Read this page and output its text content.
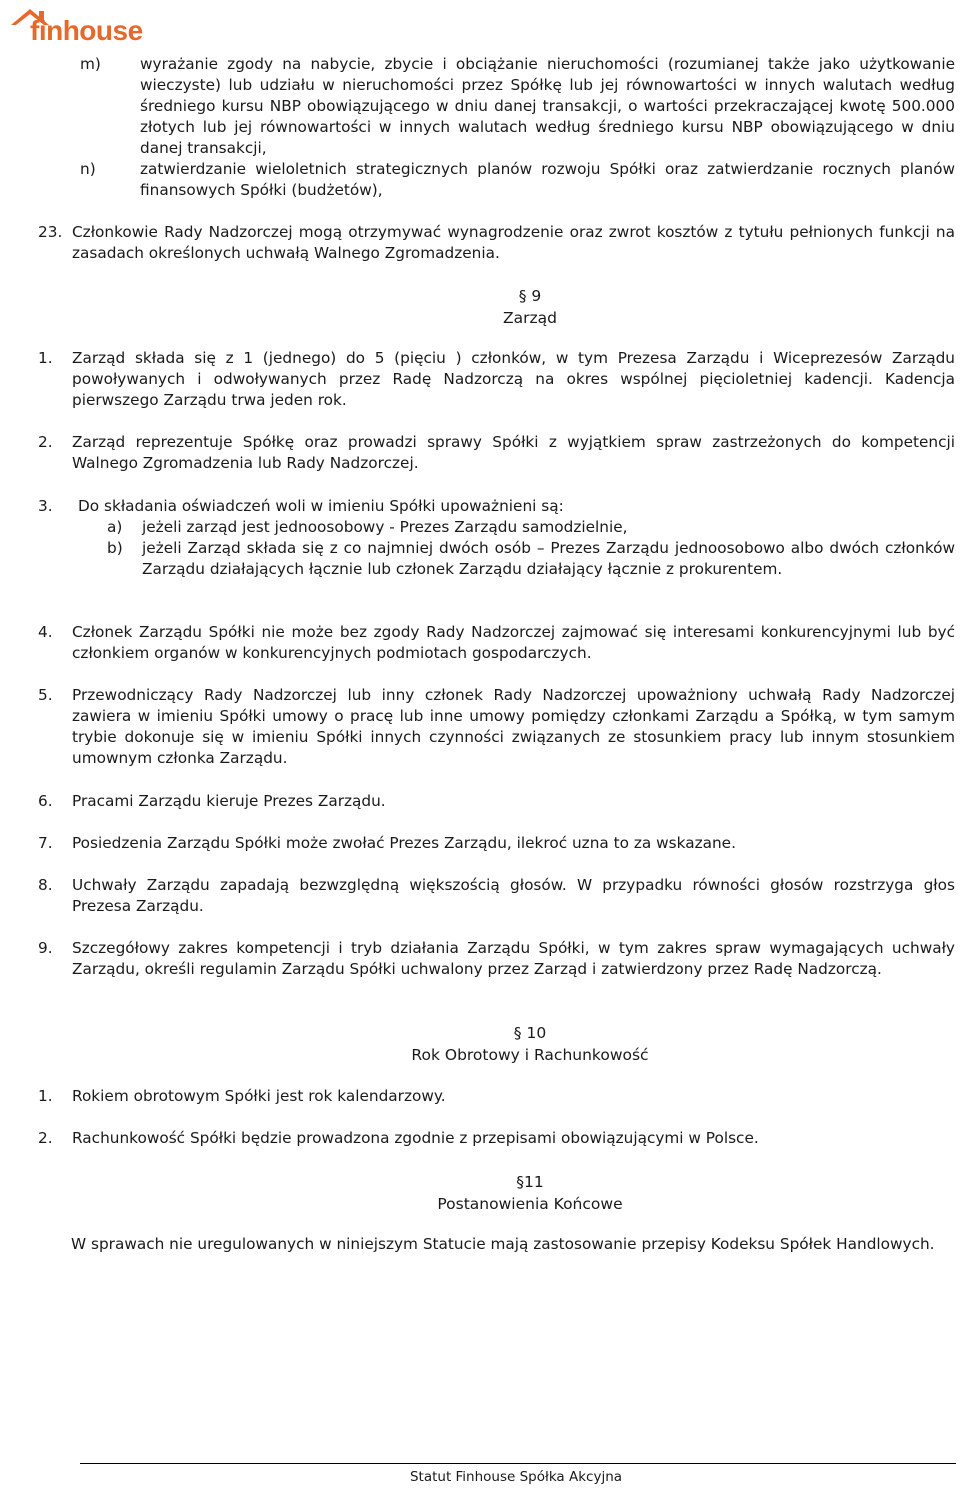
finhouse

m)	wyrażanie zgody na nabycie, zbycie i obciążanie nieruchomości (rozumianej także jako użytkowanie wieczyste) lub udziału w nieruchomości przez Spółkę lub jej równowartości w innych walutach według średniego kursu NBP obowiązującego w dniu danej transakcji, o wartości przekraczającej kwotę 500.000 złotych lub jej równowartości w innych walutach według średniego kursu NBP obowiązującego w dniu danej transakcji,

n)	zatwierdzanie wieloletnich strategicznych planów rozwoju Spółki oraz zatwierdzanie rocznych planów finansowych Spółki (budżetów),

23. Członkowie Rady Nadzorczej mogą otrzymywać wynagrodzenie oraz zwrot kosztów z tytułu pełnionych funkcji na zasadach określonych uchwałą Walnego Zgromadzenia.

§ 9
Zarząd

1. Zarząd składa się z 1 (jednego) do 5 (pięciu ) członków, w tym Prezesa Zarządu i Wiceprezesów Zarządu powoływanych i odwoływanych przez Radę Nadzorczą na okres wspólnej pięcioletniej kadencji. Kadencja pierwszego Zarządu trwa jeden rok.

2. Zarząd reprezentuje Spółkę oraz prowadzi sprawy Spółki z wyjątkiem spraw zastrzeżonych do kompetencji Walnego Zgromadzenia lub Rady Nadzorczej.

3. Do składania oświadczeń woli w imieniu Spółki upoważnieni są:

a) jeżeli zarząd jest jednoosobowy - Prezes Zarządu samodzielnie,

b) jeżeli Zarząd składa się z co najmniej dwóch osób – Prezes Zarządu jednoosobowo albo dwóch członków Zarządu działających łącznie lub członek Zarządu działający łącznie z prokurentem.

4. Członek Zarządu Spółki nie może bez zgody Rady Nadzorczej zajmować się interesami konkurencyjnymi lub być członkiem organów w konkurencyjnych podmiotach gospodarczych.

5. Przewodniczący Rady Nadzorczej lub inny członek Rady Nadzorczej upoważniony uchwałą Rady Nadzorczej zawiera w imieniu Spółki umowy o pracę lub inne umowy pomiędzy członkami Zarządu a Spółką, w tym samym trybie dokonuje się w imieniu Spółki innych czynności związanych ze stosunkiem pracy lub innym stosunkiem umownym członka Zarządu.

6. Pracami Zarządu kieruje Prezes Zarządu.

7. Posiedzenia Zarządu Spółki może zwołać Prezes Zarządu, ilekroć uzna to za wskazane.

8. Uchwały Zarządu zapadają bezwzględną większością głosów. W przypadku równości głosów rozstrzyga głos Prezesa Zarządu.

9. Szczegółowy zakres kompetencji i tryb działania Zarządu Spółki, w tym zakres spraw wymagających uchwały Zarządu, określi regulamin Zarządu Spółki uchwalony przez Zarząd i zatwierdzony przez Radę Nadzorczą.

§ 10
Rok Obrotowy i Rachunkowość

1. Rokiem obrotowym Spółki jest rok kalendarzowy.

2. Rachunkowość Spółki będzie prowadzona zgodnie z przepisami obowiązującymi w Polsce.

§11
Postanowienia Końcowe

W sprawach nie uregulowanych w niniejszym Statucie mają zastosowanie przepisy Kodeksu Spółek Handlowych.

Statut Finhouse Spółka Akcyjna
